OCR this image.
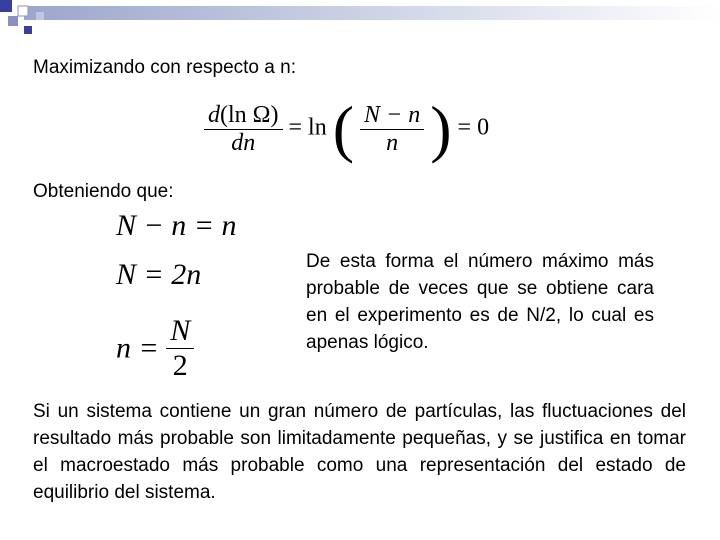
Maximizando con respecto a n:
$\frac{\text{d(ln Ω)}}{dn} = \ln$ ( $\frac{N - n}{n}$ ) = 0
Obteniendo que:
N − n = n
N = 2n
$n = \frac{N}{2}$
De esta forma el número máximo más probable de veces que se obtiene cara en el experimento es de N/2, lo cual es apenas lógico.
Si un sistema contiene un gran número de partículas, las fluctuaciones del resultado más probable son limitadamente pequeñas, y se justifica en tomar el macroestado más probable como una representación del estado de equilibrio del sistema.
